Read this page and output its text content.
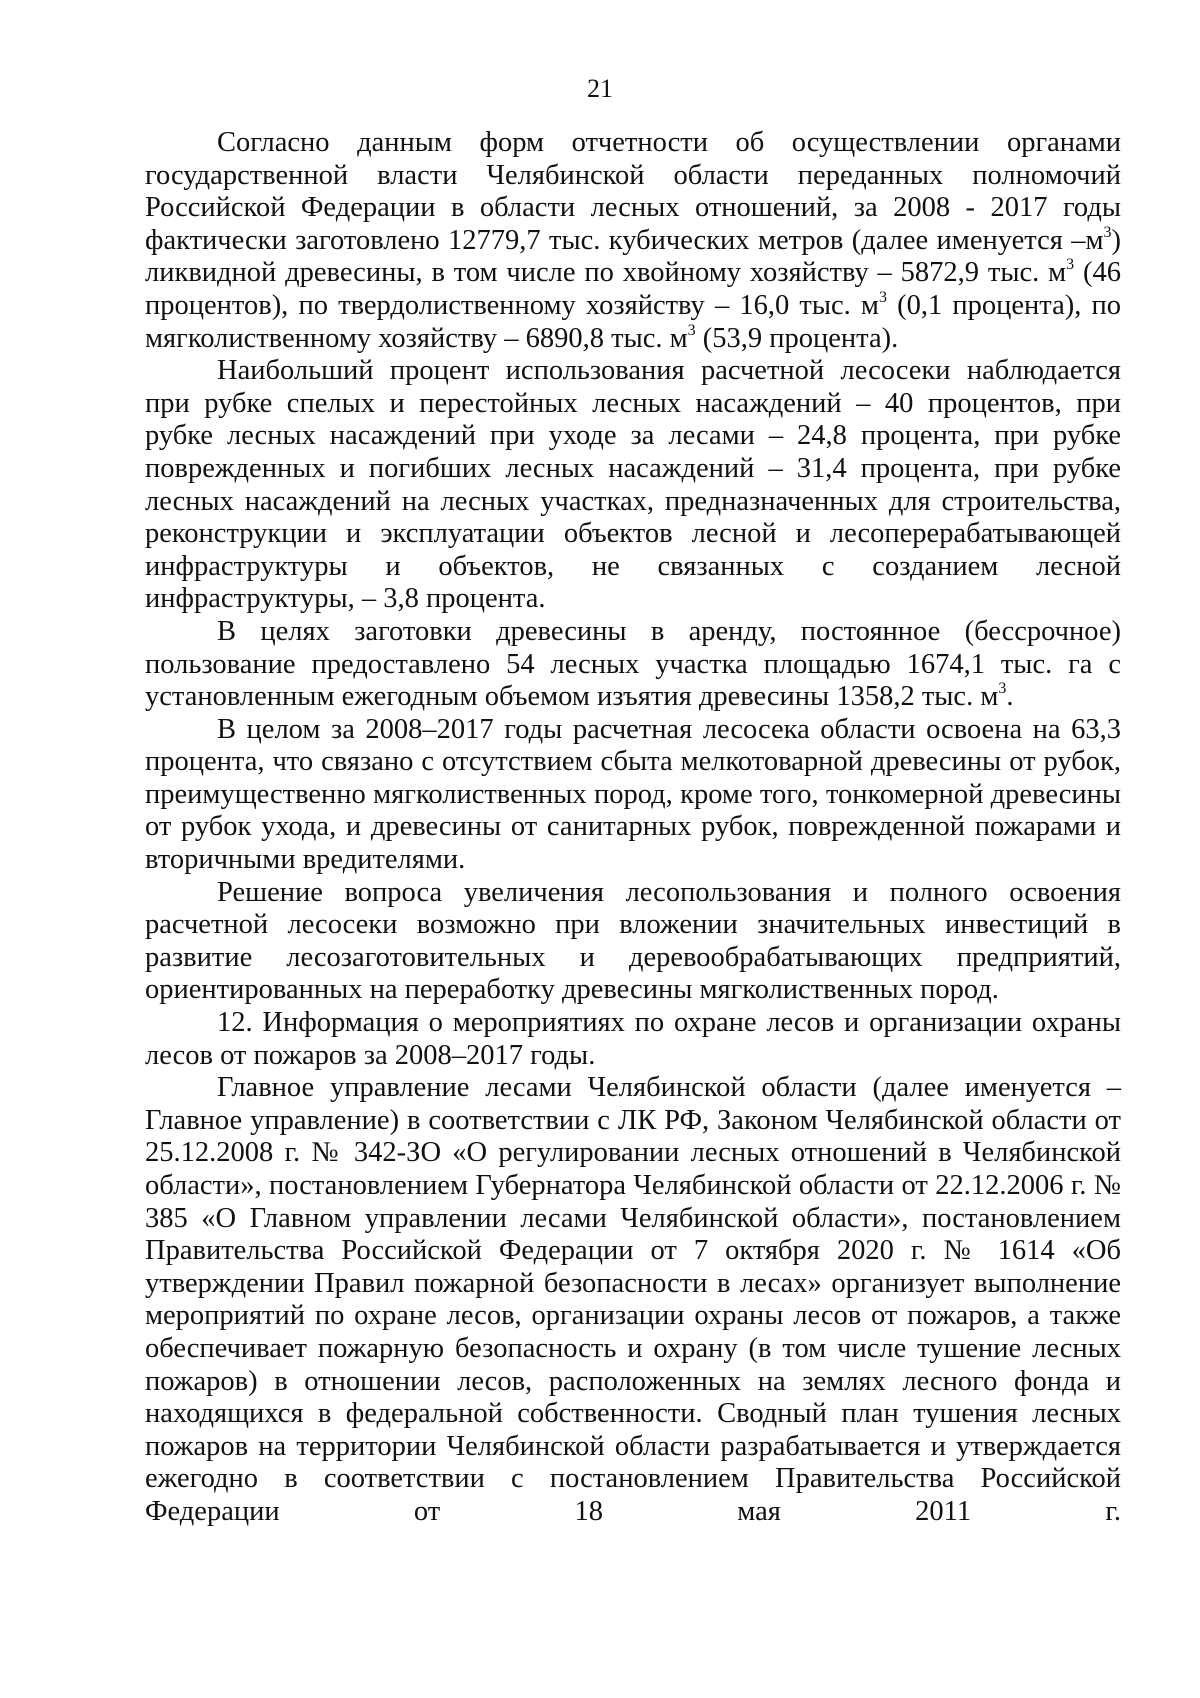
21

Согласно данным форм отчетности об осуществлении органами государственной власти Челябинской области переданных полномочий Российской Федерации в области лесных отношений, за 2008 - 2017 годы фактически заготовлено 12779,7 тыс. кубических метров (далее именуется $-м^3$) ликвидной древесины, в том числе по хвойному хозяйству – 5872,9 тыс. $м^3$ (46 процентов), по твердолиственному хозяйству – 16,0 тыс. $м^3$ (0,1 процента), по мягколиственному хозяйству – 6890,8 тыс. $м^3$ (53,9 процента).

Наибольший процент использования расчетной лесосеки наблюдается при рубке спелых и перестойных лесных насаждений – 40 процентов, при рубке лесных насаждений при уходе за лесами – 24,8 процента, при рубке поврежденных и погибших лесных насаждений – 31,4 процента, при рубке лесных насаждений на лесных участках, предназначенных для строительства, реконструкции и эксплуатации объектов лесной и лесоперерабатывающей инфраструктуры и объектов, не связанных с созданием лесной инфраструктуры, – 3,8 процента.

В целях заготовки древесины в аренду, постоянное (бессрочное) пользование предоставлено 54 лесных участка площадью 1674,1 тыс. га с установленным ежегодным объемом изъятия древесины 1358,2 тыс. $м^3$.

В целом за 2008–2017 годы расчетная лесосека области освоена на 63,3 процента, что связано с отсутствием сбыта мелкотоварной древесины от рубок, преимущественно мягколиственных пород, кроме того, тонкомерной древесины от рубок ухода, и древесины от санитарных рубок, поврежденной пожарами и вторичными вредителями.

Решение вопроса увеличения лесопользования и полного освоения расчетной лесосеки возможно при вложении значительных инвестиций в развитие лесозаготовительных и деревообрабатывающих предприятий, ориентированных на переработку древесины мягколиственных пород.

12. Информация о мероприятиях по охране лесов и организации охраны лесов от пожаров за 2008–2017 годы.

Главное управление лесами Челябинской области (далее именуется – Главное управление) в соответствии с ЛК РФ, Законом Челябинской области от 25.12.2008 г. № 342-ЗО «О регулировании лесных отношений в Челябинской области», постановлением Губернатора Челябинской области от 22.12.2006 г. № 385 «О Главном управлении лесами Челябинской области», постановлением Правительства Российской Федерации от 7 октября 2020 г. № 1614 «Об утверждении Правил пожарной безопасности в лесах» организует выполнение мероприятий по охране лесов, организации охраны лесов от пожаров, а также обеспечивает пожарную безопасность и охрану (в том числе тушение лесных пожаров) в отношении лесов, расположенных на землях лесного фонда и находящихся в федеральной собственности. Сводный план тушения лесных пожаров на территории Челябинской области разрабатывается и утверждается ежегодно в соответствии с постановлением Правительства Российской Федерации от 18 мая 2011 г.
